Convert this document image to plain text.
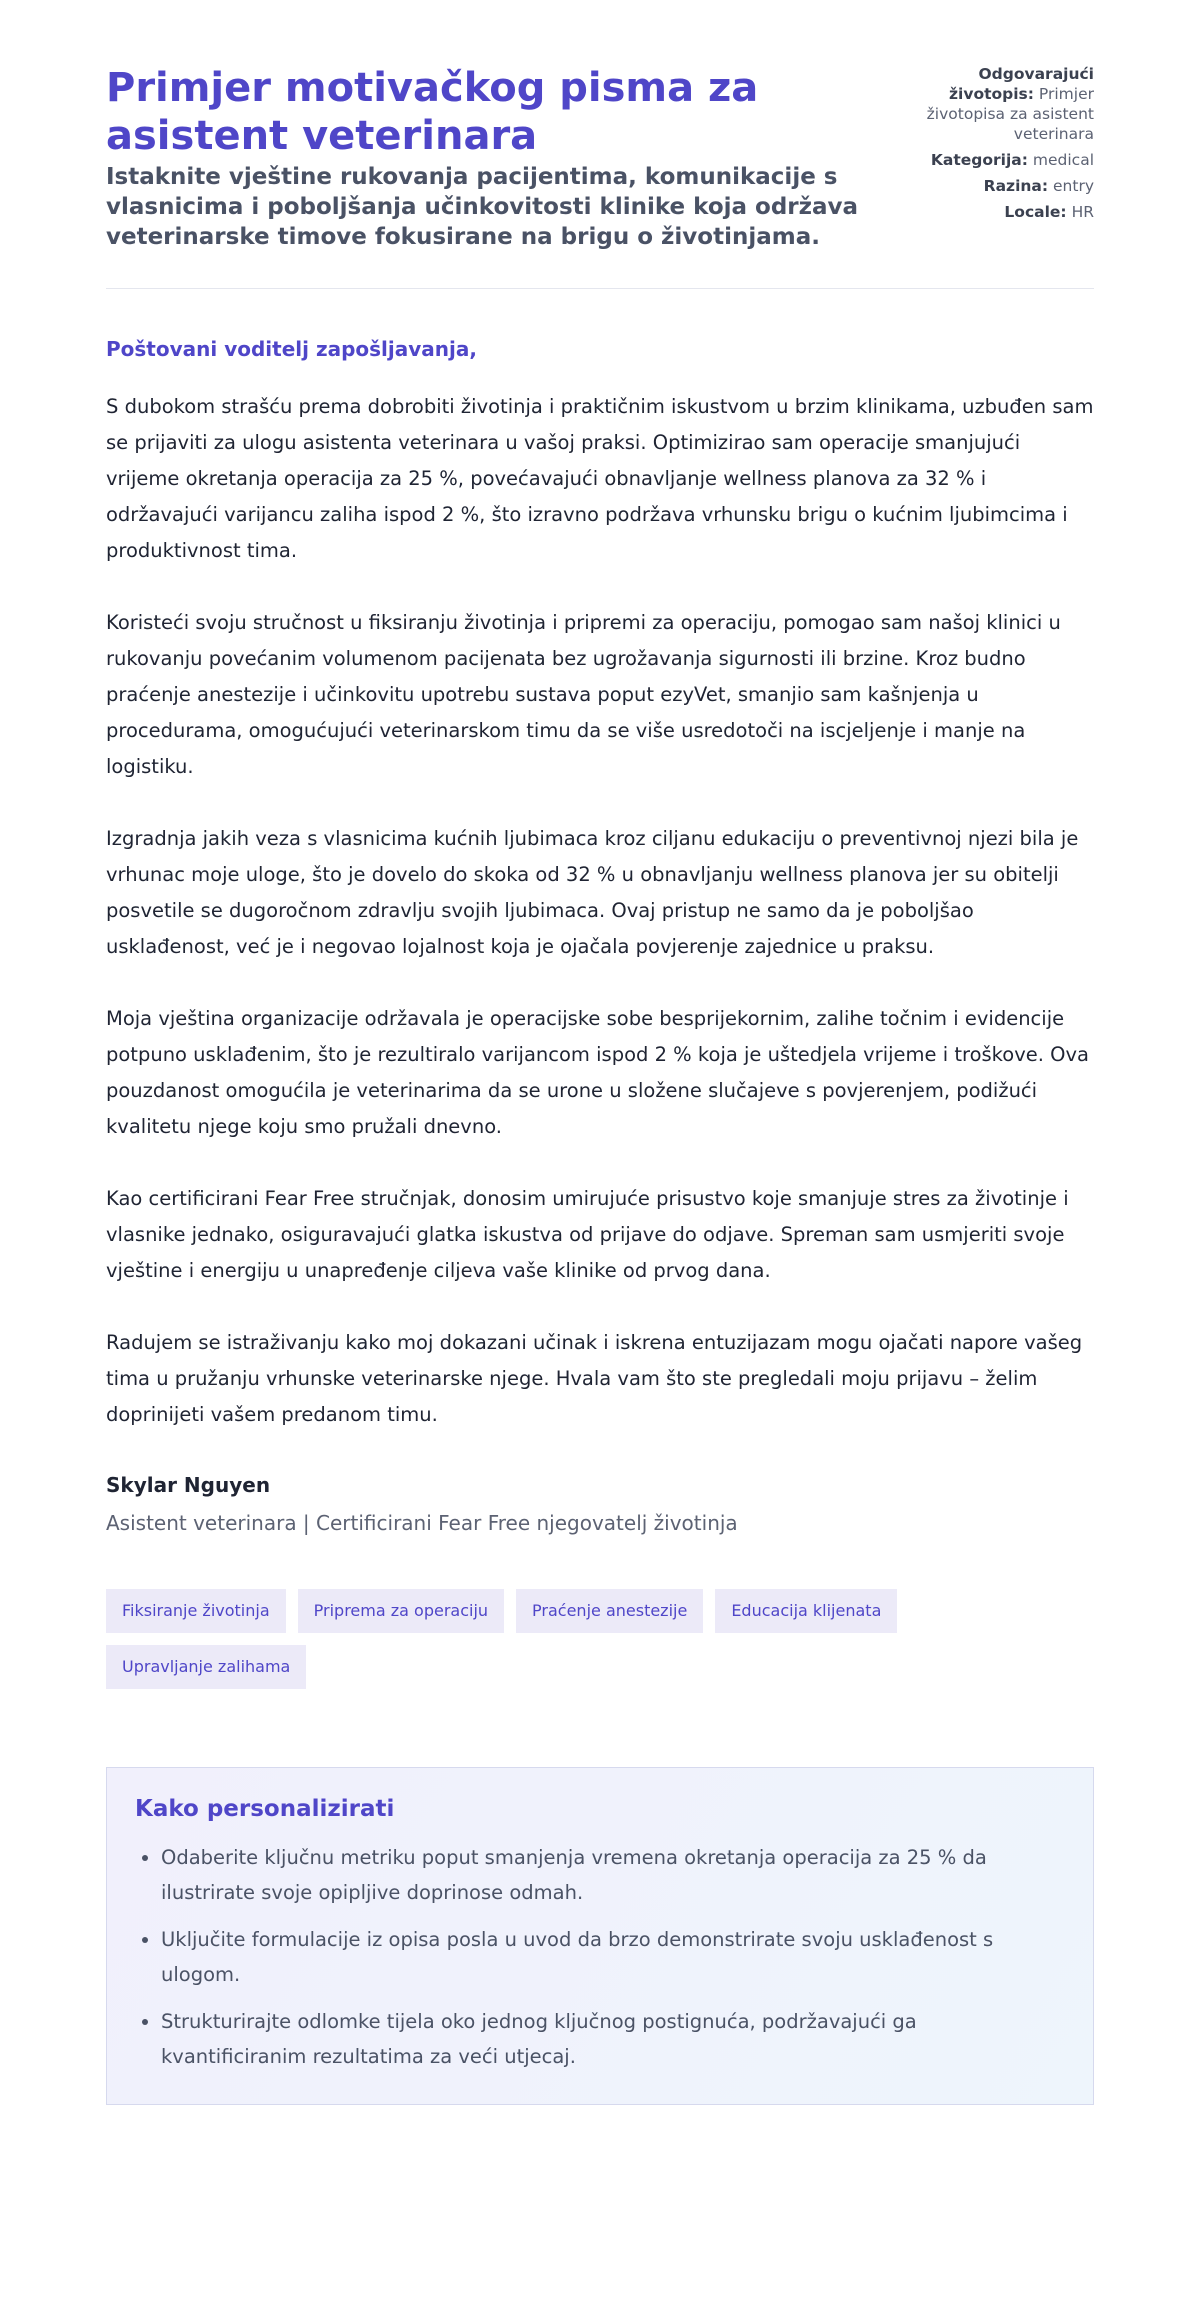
Primjer motivačkog pisma za asistent veterinara

Istaknite vještine rukovanja pacijentima, komunikacije s vlasnicima i poboljšanja učinkovitosti klinike koja održava veterinarske timove fokusirane na brigu o životinjama.

Odgovarajući životopis: Primjer životopisa za asistent veterinara
Kategorija: medical
Razina: entry
Locale: HR

Poštovani voditelj zapošljavanja,

S dubokom strašću prema dobrobiti životinja i praktičnim iskustvom u brzim klinikama, uzbuđen sam se prijaviti za ulogu asistenta veterinara u vašoj praksi. Optimizirao sam operacije smanjujući vrijeme okretanja operacija za 25 %, povećavajući obnavljanje wellness planova za 32 % i održavajući varijancu zaliha ispod 2 %, što izravno podržava vrhunsku brigu o kućnim ljubimcima i produktivnost tima.

Koristeći svoju stručnost u fiksiranju životinja i pripremi za operaciju, pomogao sam našoj klinici u rukovanju povećanim volumenom pacijenata bez ugrožavanja sigurnosti ili brzine. Kroz budno praćenje anestezije i učinkovitu upotrebu sustava poput ezyVet, smanjio sam kašnjenja u procedurama, omogućujući veterinarskom timu da se više usredotoči na iscjeljenje i manje na logistiku.

Izgradnja jakih veza s vlasnicima kućnih ljubimaca kroz ciljanu edukaciju o preventivnoj njezi bila je vrhunac moje uloge, što je dovelo do skoka od 32 % u obnavljanju wellness planova jer su obitelji posvetile se dugoročnom zdravlju svojih ljubimaca. Ovaj pristup ne samo da je poboljšao usklađenost, već je i negovao lojalnost koja je ojačala povjerenje zajednice u praksu.

Moja vještina organizacije održavala je operacijske sobe besprijekornim, zalihe točnim i evidencije potpuno usklađenim, što je rezultiralo varijancom ispod 2 % koja je uštedjela vrijeme i troškove. Ova pouzdanost omogućila je veterinarima da se urone u složene slučajeve s povjerenjem, podižući kvalitetu njege koju smo pružali dnevno.

Kao certificirani Fear Free stručnjak, donosim umirujuće prisustvo koje smanjuje stres za životinje i vlasnike jednako, osiguravajući glatka iskustva od prijave do odjave. Spreman sam usmjeriti svoje vještine i energiju u unapređenje ciljeva vaše klinike od prvog dana.

Radujem se istraživanju kako moj dokazani učinak i iskrena entuzijazam mogu ojačati napore vašeg tima u pružanju vrhunske veterinarske njege. Hvala vam što ste pregledali moju prijavu – želim doprinijeti vašem predanom timu.

Skylar Nguyen

Asistent veterinara | Certificirani Fear Free njegovatelj životinja

Fiksiranje životinja	Priprema za operaciju	Praćenje anestezije	Educacija klijenata
Upravljanje zalihama
Kako personalizirati
• Odaberite ključnu metriku poput smanjenja vremena okretanja operacija za 25 % da ilustrirate svoje opipljive doprinose odmah.
• Uključite formulacije iz opisa posla u uvod da brzo demonstrirate svoju usklađenost s ulogom.
• Strukturirajte odlomke tijela oko jednog ključnog postignuća, podržavajući ga kvantificiranim rezultatima za veći utjecaj.
